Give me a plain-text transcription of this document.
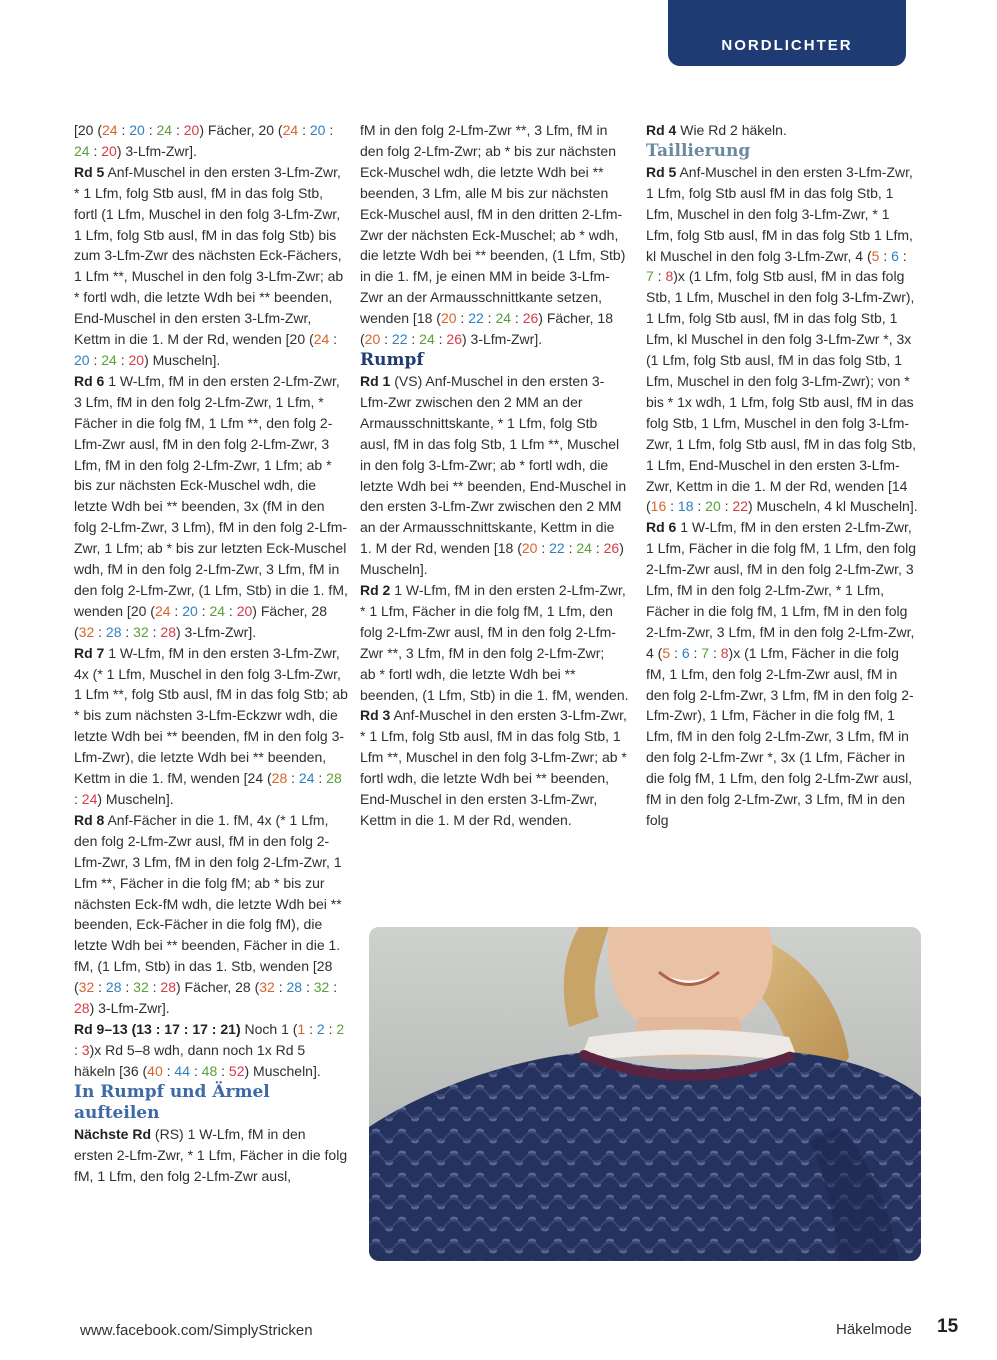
NORDLICHTER

[20 (24 : 20 : 24 : 20) Fächer, 20 (24 : 20 : 24 : 20) 3-Lfm-Zwr].

Rd 5 Anf-Muschel in den ersten 3-Lfm-Zwr, * 1 Lfm, folg Stb ausl, fM in das folg Stb, fortl (1 Lfm, Muschel in den folg 3-Lfm-Zwr, 1 Lfm, folg Stb ausl, fM in das folg Stb) bis zum 3-Lfm-Zwr des nächsten Eck-Fächers, 1 Lfm **, Muschel in den folg 3-Lfm-Zwr; ab * fortl wdh, die letzte Wdh bei ** beenden, End-Muschel in den ersten 3-Lfm-Zwr, Kettm in die 1. M der Rd, wenden [20 (24 : 20 : 24 : 20) Muscheln].

Rd 6 1 W-Lfm, fM in den ersten 2-Lfm-Zwr, 3 Lfm, fM in den folg 2-Lfm-Zwr, 1 Lfm, * Fächer in die folg fM, 1 Lfm **, den folg 2-Lfm-Zwr ausl, fM in den folg 2-Lfm-Zwr, 3 Lfm, fM in den folg 2-Lfm-Zwr, 1 Lfm; ab * bis zur nächsten Eck-Muschel wdh, die letzte Wdh bei ** beenden, 3x (fM in den folg 2-Lfm-Zwr, 3 Lfm), fM in den folg 2-Lfm-Zwr, 1 Lfm; ab * bis zur letzten Eck-Muschel wdh, fM in den folg 2-Lfm-Zwr, 3 Lfm, fM in den folg 2-Lfm-Zwr, (1 Lfm, Stb) in die 1. fM, wenden [20 (24 : 20 : 24 : 20) Fächer, 28 (32 : 28 : 32 : 28) 3-Lfm-Zwr].

Rd 7 1 W-Lfm, fM in den ersten 3-Lfm-Zwr, 4x (* 1 Lfm, Muschel in den folg 3-Lfm-Zwr, 1 Lfm **, folg Stb ausl, fM in das folg Stb; ab * bis zum nächsten 3-Lfm-Eckzwr wdh, die letzte Wdh bei ** beenden, fM in den folg 3-Lfm-Zwr), die letzte Wdh bei ** beenden, Kettm in die 1. fM, wenden [24 (28 : 24 : 28 : 24) Muscheln].

Rd 8 Anf-Fächer in die 1. fM, 4x (* 1 Lfm, den folg 2-Lfm-Zwr ausl, fM in den folg 2-Lfm-Zwr, 3 Lfm, fM in den folg 2-Lfm-Zwr, 1 Lfm **, Fächer in die folg fM; ab * bis zur nächsten Eck-fM wdh, die letzte Wdh bei ** beenden, Eck-Fächer in die folg fM), die letzte Wdh bei ** beenden, Fächer in die 1. fM, (1 Lfm, Stb) in das 1. Stb, wenden [28 (32 : 28 : 32 : 28) Fächer, 28 (32 : 28 : 32 : 28) 3-Lfm-Zwr].

Rd 9–13 (13 : 17 : 17 : 21) Noch 1 (1 : 2 : 2 : 3)x Rd 5–8 wdh, dann noch 1x Rd 5 häkeln [36 (40 : 44 : 48 : 52) Muscheln].

In Rumpf und Ärmel aufteilen

Nächste Rd (RS) 1 W-Lfm, fM in den ersten 2-Lfm-Zwr, * 1 Lfm, Fächer in die folg fM, 1 Lfm, den folg 2-Lfm-Zwr ausl,

fM in den folg 2-Lfm-Zwr **, 3 Lfm, fM in den folg 2-Lfm-Zwr; ab * bis zur nächsten Eck-Muschel wdh, die letzte Wdh bei ** beenden, 3 Lfm, alle M bis zur nächsten Eck-Muschel ausl, fM in den dritten 2-Lfm-Zwr der nächsten Eck-Muschel; ab * wdh, die letzte Wdh bei ** beenden, (1 Lfm, Stb) in die 1. fM, je einen MM in beide 3-Lfm-Zwr an der Armausschnittkante setzen, wenden [18 (20 : 22 : 24 : 26) Fächer, 18 (20 : 22 : 24 : 26) 3-Lfm-Zwr].

Rumpf

Rd 1 (VS) Anf-Muschel in den ersten 3-Lfm-Zwr zwischen den 2 MM an der Armausschnittskante, * 1 Lfm, folg Stb ausl, fM in das folg Stb, 1 Lfm **, Muschel in den folg 3-Lfm-Zwr; ab * fortl wdh, die letzte Wdh bei ** beenden, End-Muschel in den ersten 3-Lfm-Zwr zwischen den 2 MM an der Armausschnittskante, Kettm in die 1. M der Rd, wenden [18 (20 : 22 : 24 : 26) Muscheln].

Rd 2 1 W-Lfm, fM in den ersten 2-Lfm-Zwr, * 1 Lfm, Fächer in die folg fM, 1 Lfm, den folg 2-Lfm-Zwr ausl, fM in den folg 2-Lfm-Zwr **, 3 Lfm, fM in den folg 2-Lfm-Zwr;
ab * fortl wdh, die letzte Wdh bei ** beenden, (1 Lfm, Stb) in die 1. fM, wenden.

Rd 3 Anf-Muschel in den ersten 3-Lfm-Zwr, * 1 Lfm, folg Stb ausl, fM in das folg Stb, 1 Lfm **, Muschel in den folg 3-Lfm-Zwr; ab * fortl wdh, die letzte Wdh bei ** beenden, End-Muschel in den ersten 3-Lfm-Zwr, Kettm in die 1. M der Rd, wenden.

Rd 4 Wie Rd 2 häkeln.

Taillierung

Rd 5 Anf-Muschel in den ersten 3-Lfm-Zwr, 1 Lfm, folg Stb ausl fM in das folg Stb, 1 Lfm, Muschel in den folg 3-Lfm-Zwr, * 1 Lfm, folg Stb ausl, fM in das folg Stb 1 Lfm, kl Muschel in den folg 3-Lfm-Zwr, 4 (5 : 6 : 7 : 8)x (1 Lfm, folg Stb ausl, fM in das folg Stb, 1 Lfm, Muschel in den folg 3-Lfm-Zwr), 1 Lfm, folg Stb ausl, fM in das folg Stb, 1 Lfm, kl Muschel in den folg 3-Lfm-Zwr *, 3x (1 Lfm, folg Stb ausl, fM in das folg Stb, 1 Lfm, Muschel in den folg 3-Lfm-Zwr); von * bis * 1x wdh, 1 Lfm, folg Stb ausl, fM in das folg Stb, 1 Lfm, Muschel in den folg 3-Lfm-Zwr, 1 Lfm, folg Stb ausl, fM in das folg Stb, 1 Lfm, End-Muschel in den ersten 3-Lfm-Zwr, Kettm in die 1. M der Rd, wenden [14 (16 : 18 : 20 : 22) Muscheln, 4 kl Muscheln].

Rd 6 1 W-Lfm, fM in den ersten 2-Lfm-Zwr, 1 Lfm, Fächer in die folg fM, 1 Lfm, den folg 2-Lfm-Zwr ausl, fM in den folg 2-Lfm-Zwr, 3 Lfm, fM in den folg 2-Lfm-Zwr, * 1 Lfm, Fächer in die folg fM, 1 Lfm, fM in den folg 2-Lfm-Zwr, 3 Lfm, fM in den folg 2-Lfm-Zwr, 4 (5 : 6 : 7 : 8)x (1 Lfm, Fächer in die folg fM, 1 Lfm, den folg 2-Lfm-Zwr ausl, fM in den folg 2-Lfm-Zwr, 3 Lfm, fM in den folg 2-Lfm-Zwr), 1 Lfm, Fächer in die folg fM, 1 Lfm, fM in den folg 2-Lfm-Zwr, 3 Lfm, fM in den folg 2-Lfm-Zwr *, 3x (1 Lfm, Fächer in die folg fM, 1 Lfm, den folg 2-Lfm-Zwr ausl, fM in den folg 2-Lfm-Zwr, 3 Lfm, fM in den folg

www.facebook.com/SimplyStricken	Häkelmode 15
